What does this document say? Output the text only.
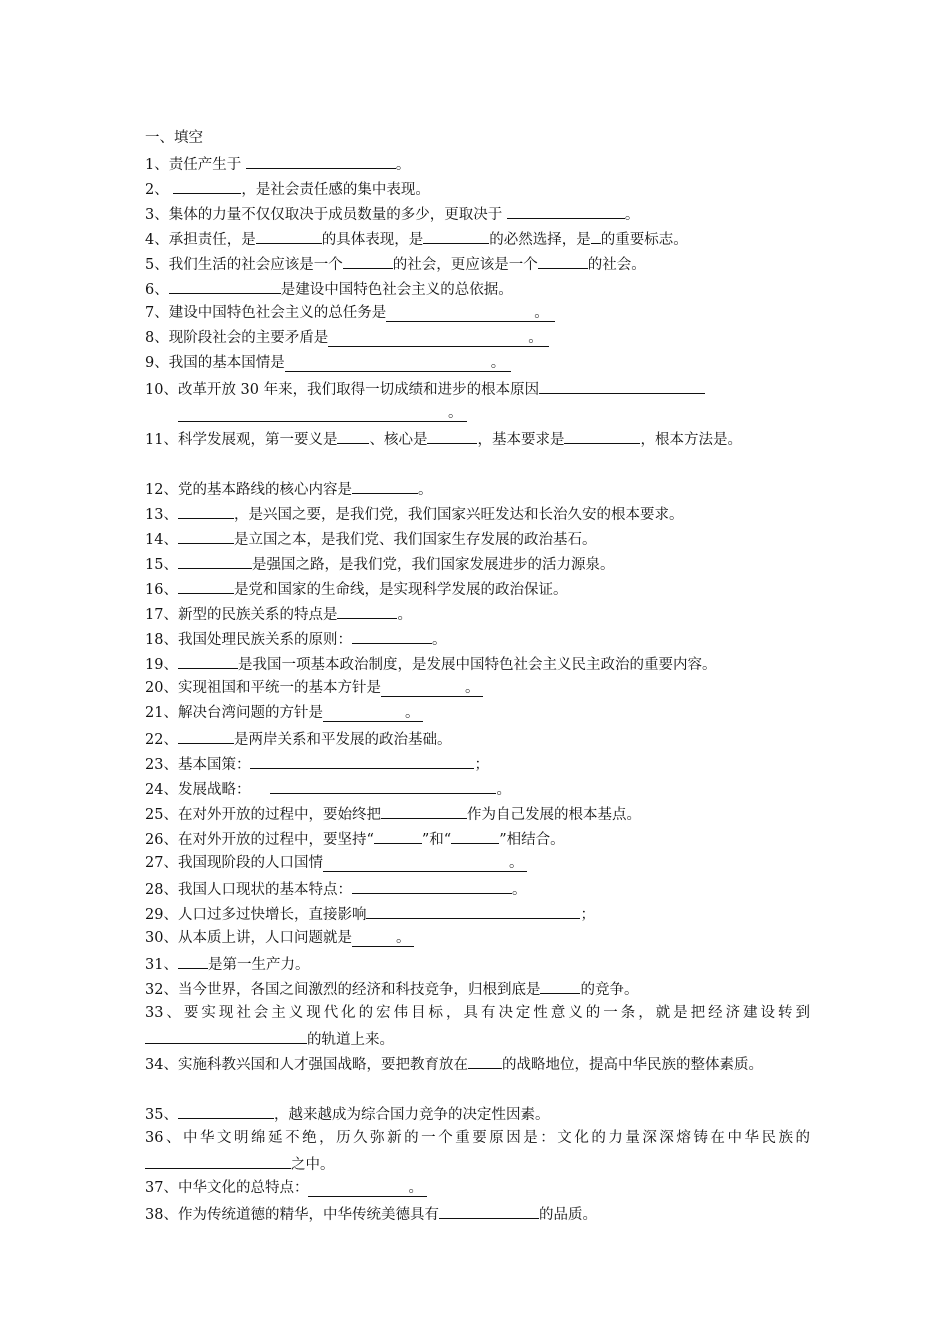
一、填空
1、责任产生于	。
2、	，是社会责任感的集中表现。
3、集体的力量不仅仅取决于成员数量的多少，更取决于	。
4、承担责任，是	的具体表现，是	的必然选择，是 的重要标志。
5、我们生活的社会应该是一个	的社会，更应该是一个	的社会。
6、	是建设中国特色社会主义的总依据。
7、建设中国特色社会主义的总任务是	。
8、现阶段社会的主要矛盾是	。
9、我国的基本国情是	。
10、改革开放 30 年来，我们取得一切成绩和进步的根本原因
。
11、科学发展观，第一要义是 、核心是	，基本要求是	，根本方法是。
12、党的基本路线的核心内容是	。
13、	，是兴国之要，是我们党，我们国家兴旺发达和长治久安的根本要求。
14、	是立国之本，是我们党、我们国家生存发展的政治基石。
15、	是强国之路，是我们党，我们国家发展进步的活力源泉。
16、	是党和国家的生命线，是实现科学发展的政治保证。
17、新型的民族关系的特点是	。
18、我国处理民族关系的原则：	。
19、	是我国一项基本政治制度，是发展中国特色社会主义民主政治的重要内容。
20、实现祖国和平统一的基本方针是	。
21、解决台湾问题的方针是	。
22、	是两岸关系和平发展的政治基础。
23、基本国策：	；
24、发展战略：	。
25、在对外开放的过程中，要始终把	作为自己发展的根本基点。
26、在对外开放的过程中，要坚持“	”和“	”相结合。
27、我国现阶段的人口国情	。
28、我国人口现状的基本特点：	。
29、人口过多过快增长，直接影响	；
30、从本质上讲，人口问题就是	。
31、 是第一生产力。
32、当今世界，各国之间激烈的经济和科技竞争，归根到底是	的竞争。
33、要实现社会主义现代化的宏伟目标，具有决定性意义的一条，就是把经济建设转到的轨道上来。
34、实施科教兴国和人才强国战略，要把教育放在 的战略地位，提高中华民族的整体素质。
35、	，越来越成为综合国力竞争的决定性因素。
36、中华文明绵延不绝，历久弥新的一个重要原因是：文化的力量深深熔铸在中华民族的之中。
37、中华文化的总特点：	。
38、作为传统道德的精华，中华传统美德具有	的品质。
